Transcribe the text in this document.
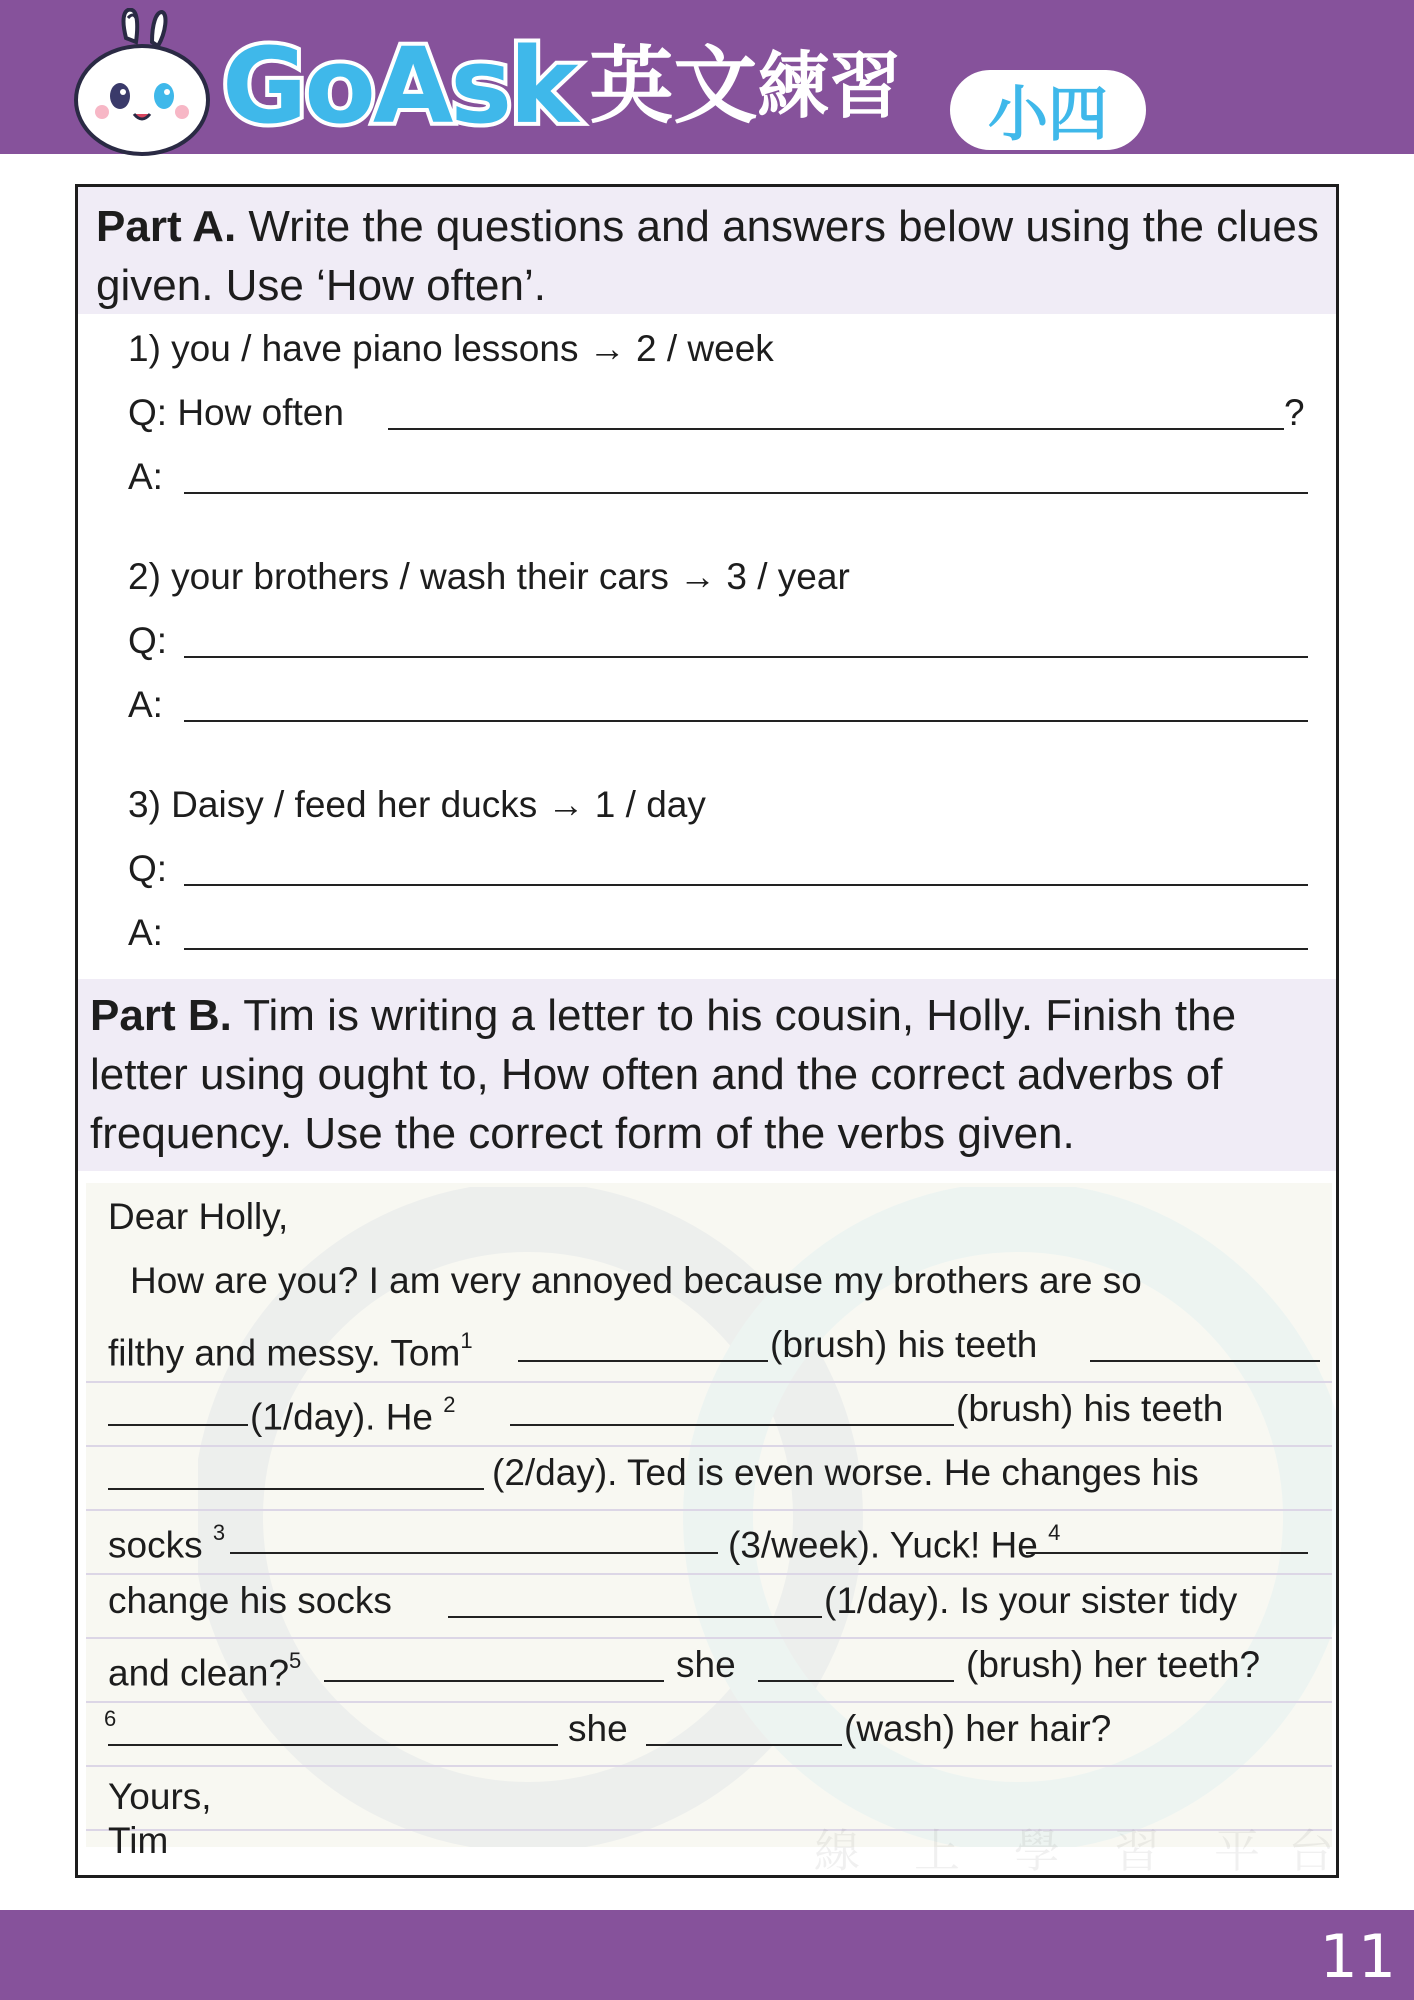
GoAsk 英文 練習 小四
Part A. Write the questions and answers below using the clues given. Use ‘How often’.
1) you / have piano lessons → 2 / week
Q: How often	?
A:
2) your brothers / wash their cars → 3 / year
Q:
A:
3) Daisy / feed her ducks → 1 / day
Q:
A:
Part B. Tim is writing a letter to his cousin, Holly. Finish the letter using ought to, How often and the correct adverbs of frequency. Use the correct form of the verbs given.
Dear Holly,
How are you? I am very annoyed because my brothers are so
filthy and messy. Tom$^1$	(brush) his teeth
(1/day). He $^2$	(brush) his teeth
(2/day). Ted is even worse. He changes his
socks $^3$	(3/week). Yuck! He $^4$
change his socks	(1/day). Is your sister tidy
and clean?$^5$	she	(brush) her teeth?
$^6$	she	(wash) her hair?
Yours,
Tim	線 上 學 習 平 台
11
